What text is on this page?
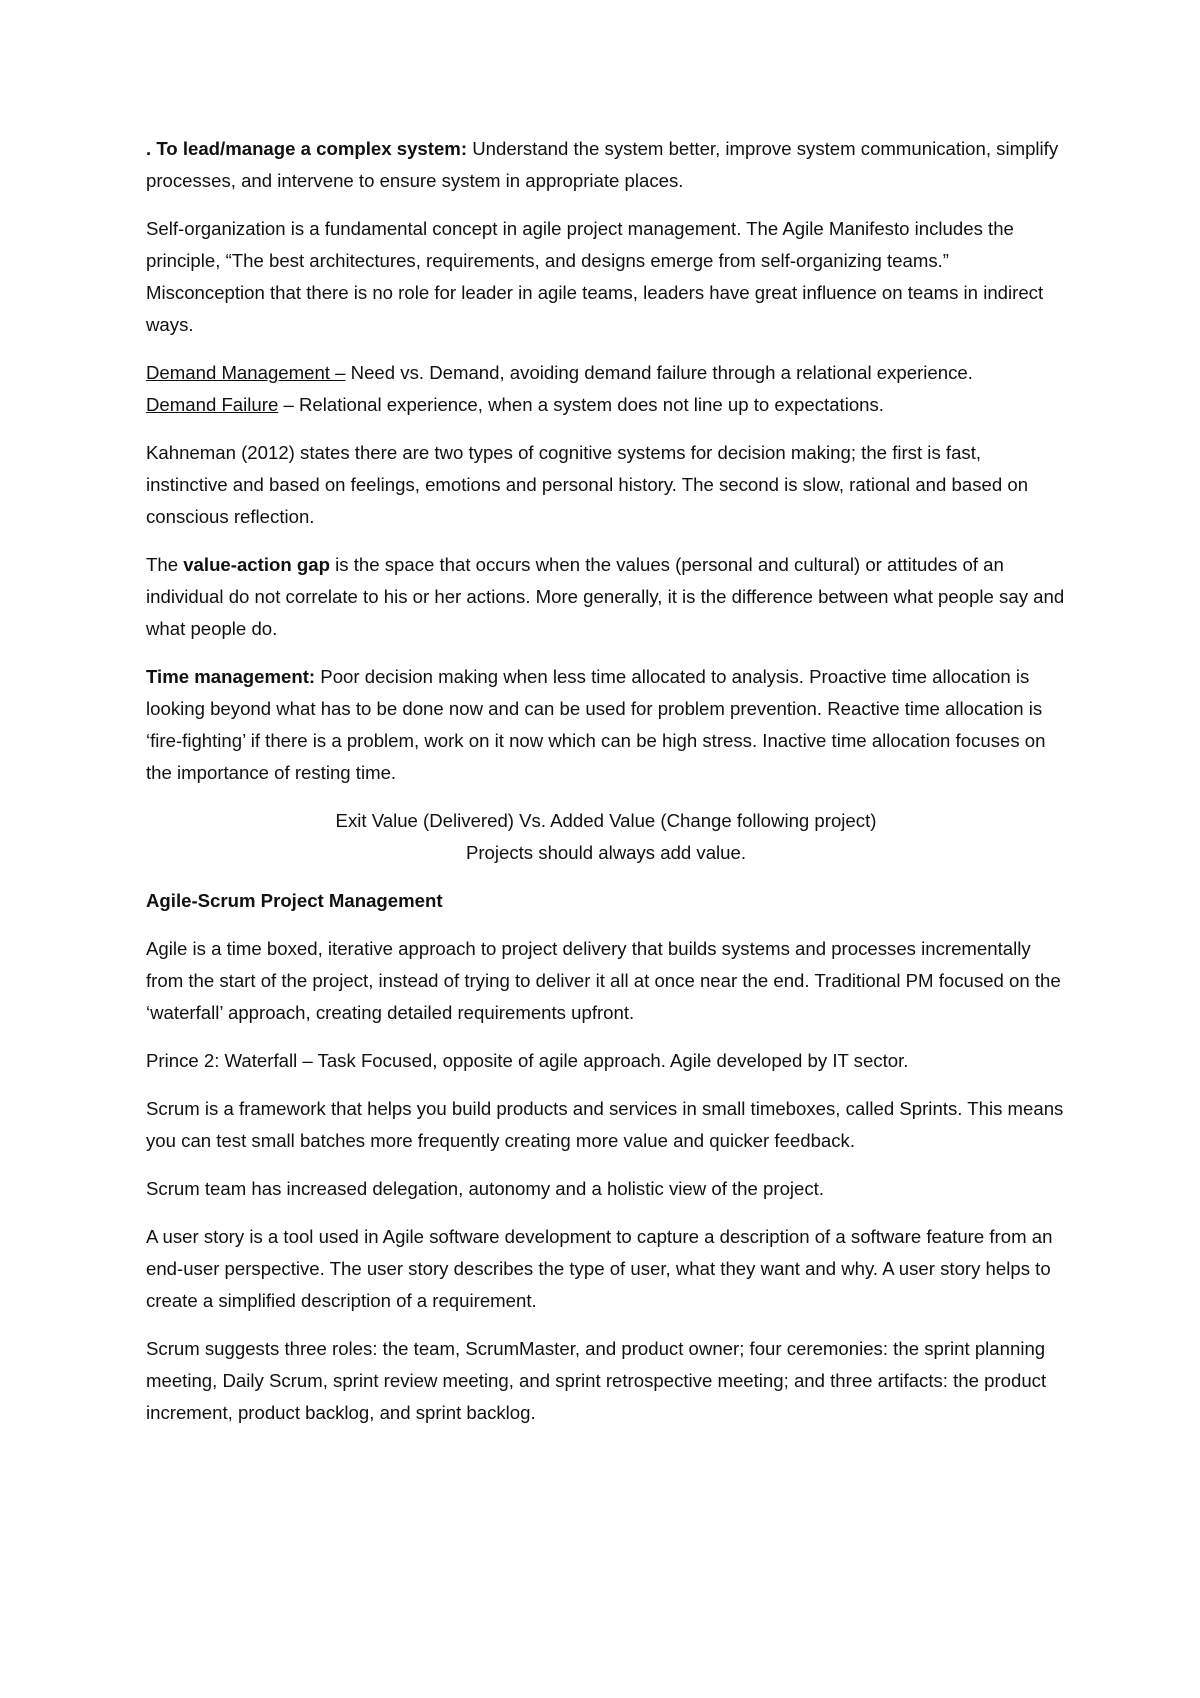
. To lead/manage a complex system: Understand the system better, improve system communication, simplify processes, and intervene to ensure system in appropriate places.

Self-organization is a fundamental concept in agile project management. The Agile Manifesto includes the principle, “The best architectures, requirements, and designs emerge from self-organizing teams.” Misconception that there is no role for leader in agile teams, leaders have great influence on teams in indirect ways.

Demand Management – Need vs. Demand, avoiding demand failure through a relational experience.
Demand Failure – Relational experience, when a system does not line up to expectations.

Kahneman (2012) states there are two types of cognitive systems for decision making; the first is fast, instinctive and based on feelings, emotions and personal history. The second is slow, rational and based on conscious reflection.

The value-action gap is the space that occurs when the values (personal and cultural) or attitudes of an individual do not correlate to his or her actions. More generally, it is the difference between what people say and what people do.

Time management: Poor decision making when less time allocated to analysis. Proactive time allocation is looking beyond what has to be done now and can be used for problem prevention. Reactive time allocation is ‘fire-fighting’ if there is a problem, work on it now which can be high stress. Inactive time allocation focuses on the importance of resting time.

Exit Value (Delivered) Vs. Added Value (Change following project)

Projects should always add value.

Agile-Scrum Project Management

Agile is a time boxed, iterative approach to project delivery that builds systems and processes incrementally from the start of the project, instead of trying to deliver it all at once near the end. Traditional PM focused on the ‘waterfall’ approach, creating detailed requirements upfront.

Prince 2: Waterfall – Task Focused, opposite of agile approach. Agile developed by IT sector.

Scrum is a framework that helps you build products and services in small timeboxes, called Sprints. This means you can test small batches more frequently creating more value and quicker feedback.

Scrum team has increased delegation, autonomy and a holistic view of the project.

A user story is a tool used in Agile software development to capture a description of a software feature from an end-user perspective. The user story describes the type of user, what they want and why. A user story helps to create a simplified description of a requirement.

Scrum suggests three roles: the team, ScrumMaster, and product owner; four ceremonies: the sprint planning meeting, Daily Scrum, sprint review meeting, and sprint retrospective meeting; and three artifacts: the product increment, product backlog, and sprint backlog.
